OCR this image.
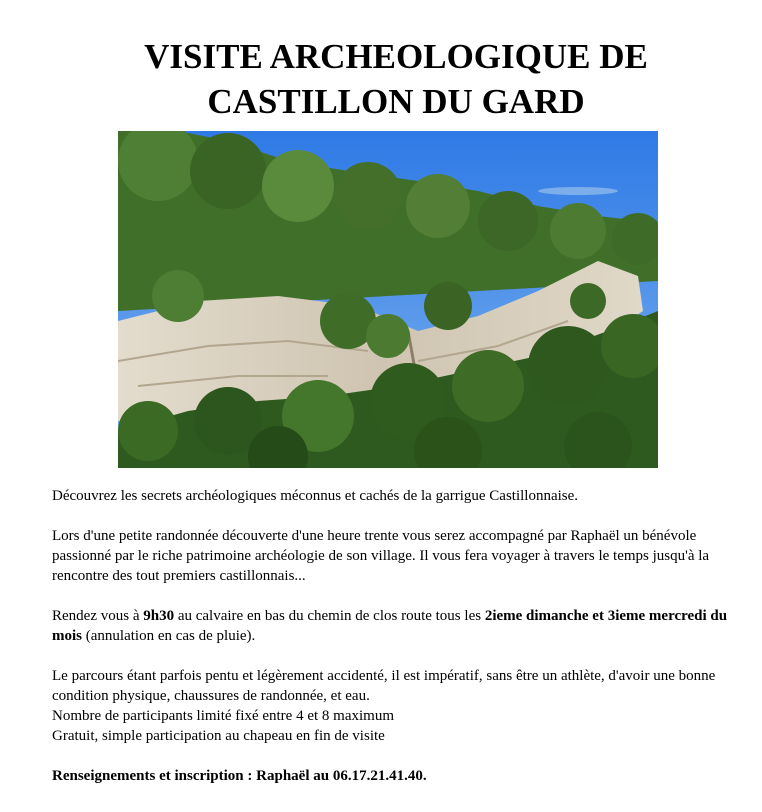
VISITE ARCHEOLOGIQUE DE
CASTILLON DU GARD

Découvrez les secrets archéologiques méconnus et cachés de la garrigue Castillonnaise.

Lors d'une petite randonnée découverte d'une heure trente vous serez accompagné par Raphaël un bénévole passionné par le riche patrimoine archéologie de son village. Il vous fera voyager à travers le temps jusqu'à la rencontre des tout premiers castillonnais...

Rendez vous à 9h30 au calvaire en bas du chemin de clos route tous les 2ieme dimanche et 3ieme mercredi du mois (annulation en cas de pluie).

Le parcours étant parfois pentu et légèrement accidenté, il est impératif, sans être un athlète, d'avoir une bonne condition physique, chaussures de randonnée, et eau.

Nombre de participants limité fixé entre 4 et 8 maximum

Gratuit, simple participation au chapeau en fin de visite

Renseignements et inscription : Raphaël au 06.17.21.41.40.
